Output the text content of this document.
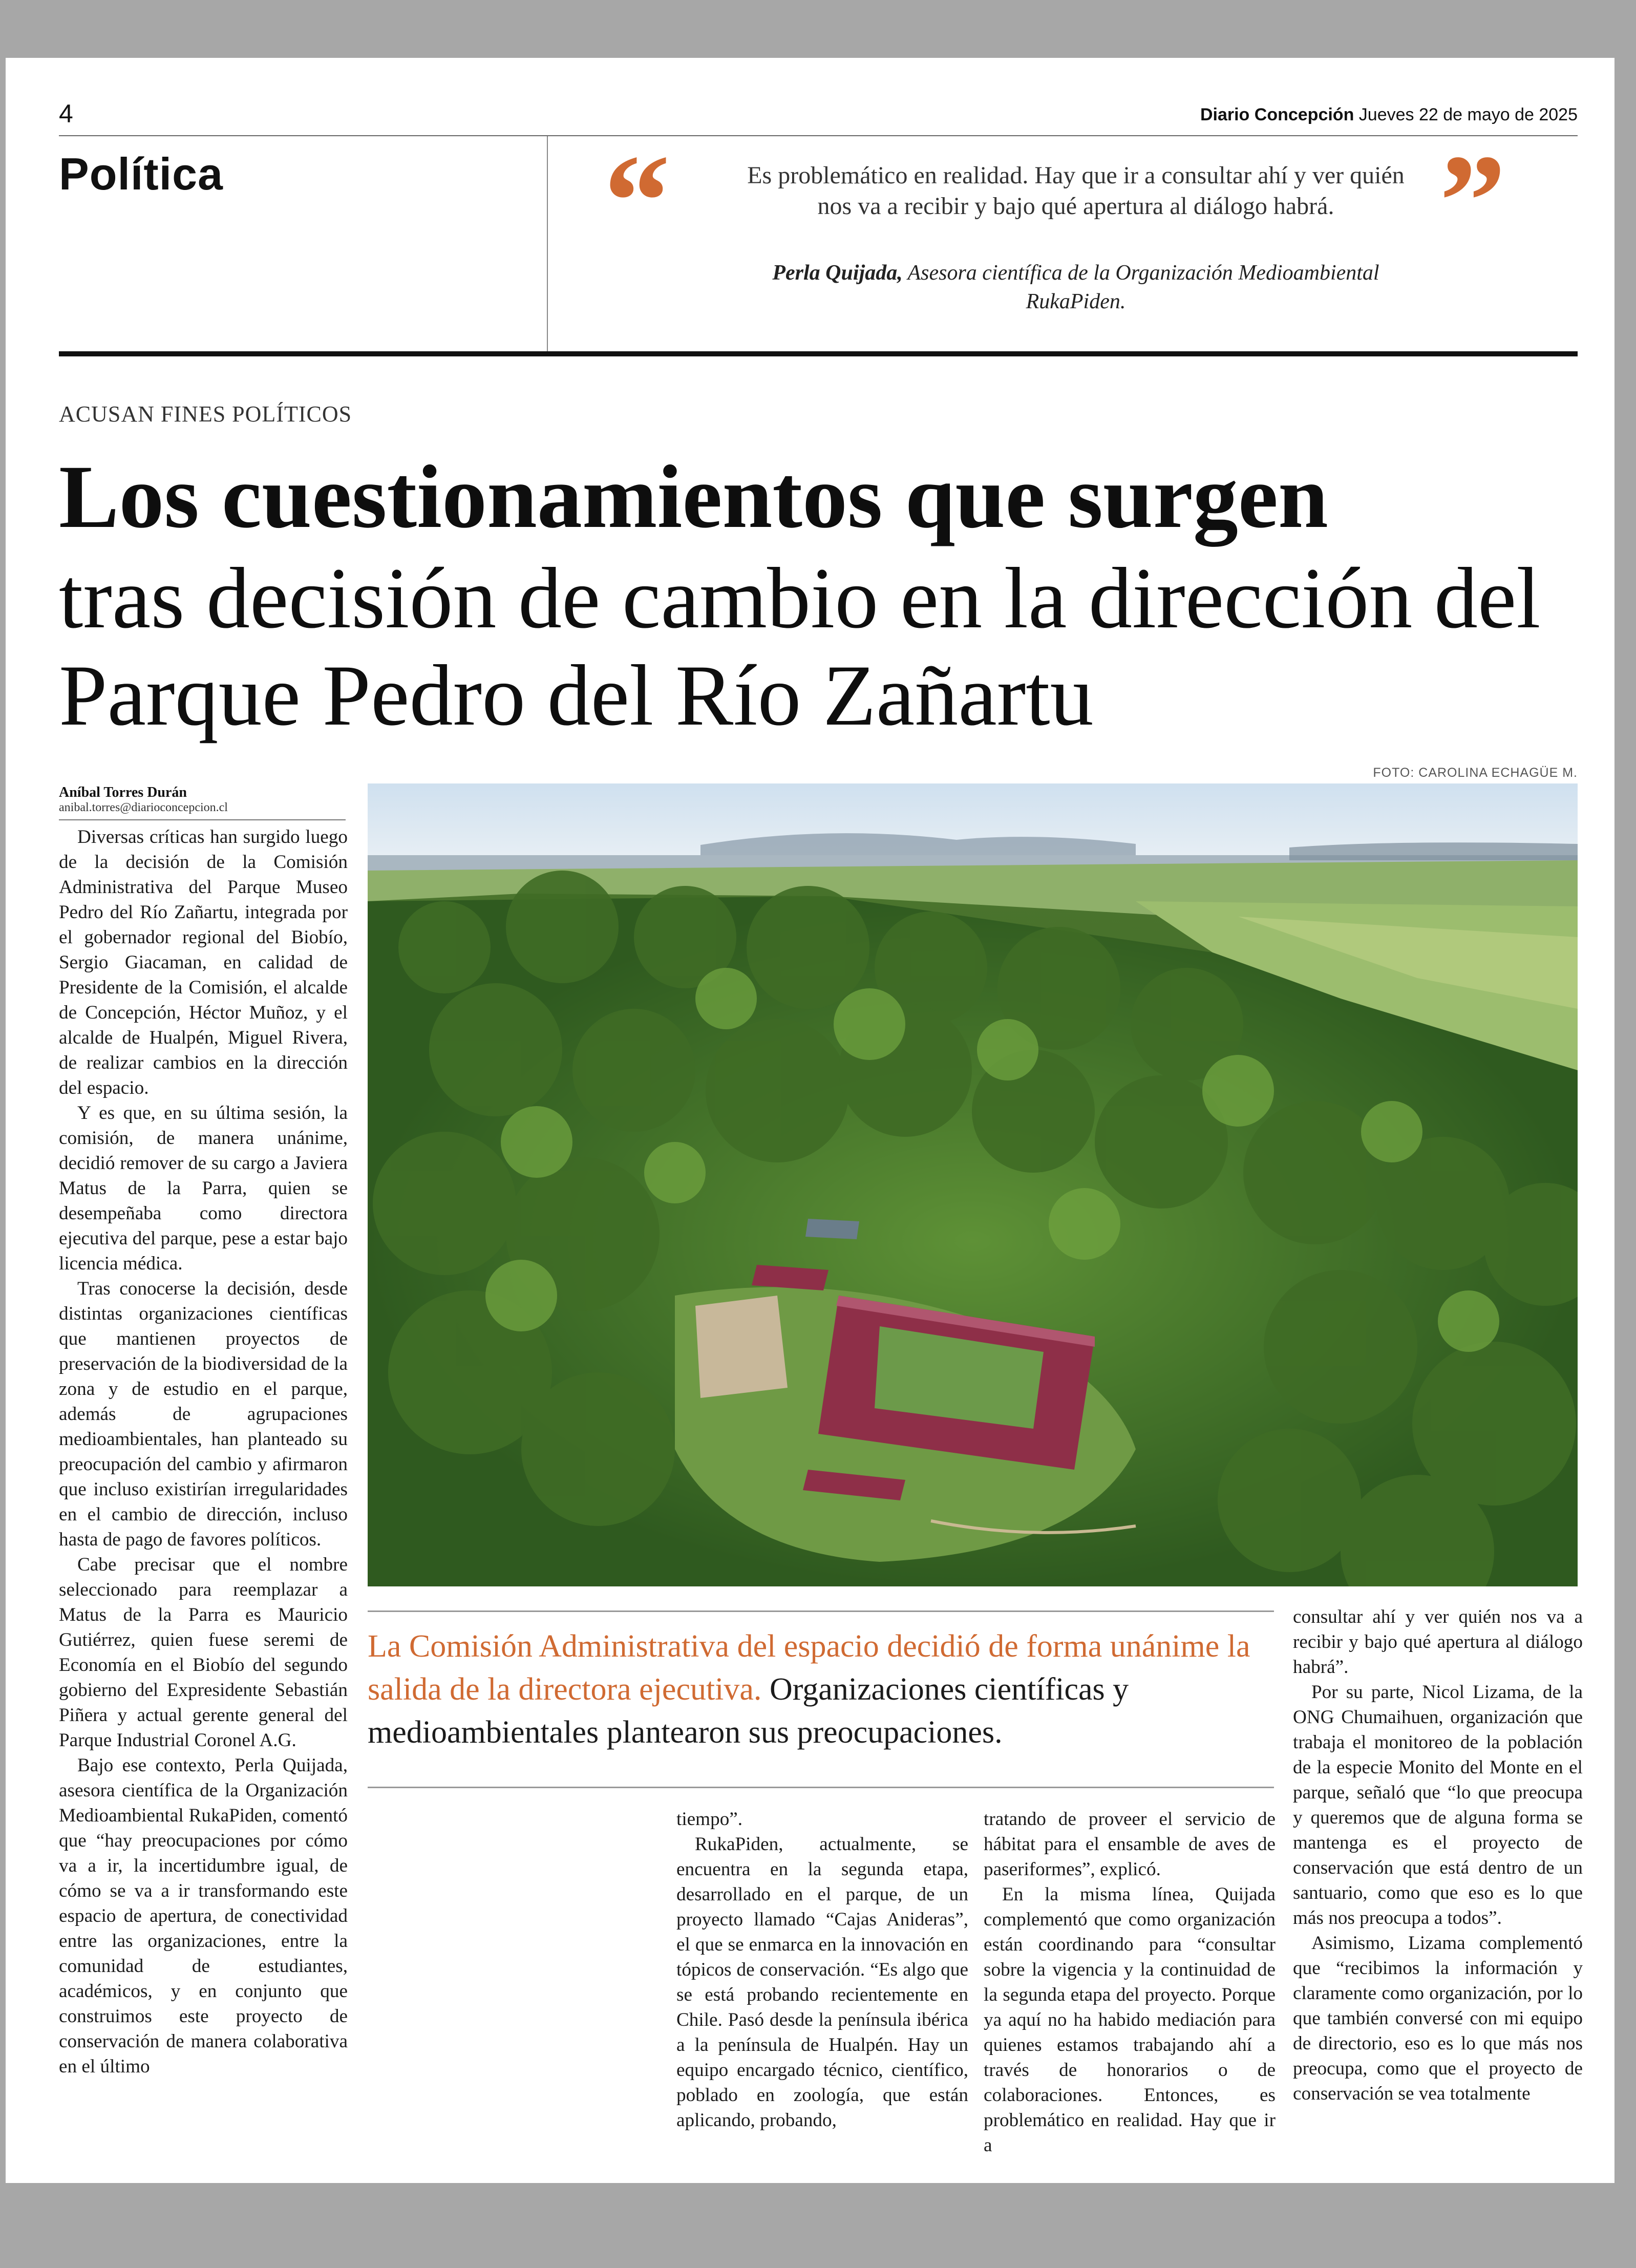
4	Diario Concepción Jueves 22 de mayo de 2025
Política	“	”
Es problemático en realidad. Hay que ir a consultar ahí y ver quién nos va a recibir y bajo qué apertura al diálogo habrá.
Perla Quijada, Asesora científica de la Organización Medioambiental RukaPiden.
ACUSAN FINES POLÍTICOS
Los cuestionamientos que surgen
tras decisión de cambio en la dirección del Parque Pedro del Río Zañartu
FOTO: CAROLINA ECHAGÜE M.
Aníbal Torres Durán
anibal.torres@diarioconcepcion.cl

Diversas críticas han surgido luego de la decisión de la Comisión Administrativa del Parque Museo Pedro del Río Zañartu, integrada por el gobernador regional del Biobío, Sergio Giacaman, en calidad de Presidente de la Comisión, el alcalde de Concepción, Héctor Muñoz, y el alcalde de Hualpén, Miguel Rivera, de realizar cambios en la dirección del espacio.

Y es que, en su última sesión, la comisión, de manera unánime, decidió remover de su cargo a Javiera Matus de la Parra, quien se desempeñaba como directora ejecutiva del parque, pese a estar bajo licencia médica.

Tras conocerse la decisión, desde distintas organizaciones científicas que mantienen proyectos de preservación de la biodiversidad de la zona y de estudio en el parque, además de agrupaciones medioambientales, han planteado su preocupación del cambio y afirmaron que incluso existirían irregularidades en el cambio de dirección, incluso hasta de pago de favores políticos.

Cabe precisar que el nombre seleccionado para reemplazar a Matus de la Parra es Mauricio Gutiérrez, quien fuese seremi de Economía en el Biobío del segundo gobierno del Expresidente Sebastián Piñera y actual gerente general del Parque Industrial Coronel A.G.

Bajo ese contexto, Perla Quijada, asesora científica de la Organización Medioambiental RukaPiden, comentó que “hay preocupaciones por cómo va a ir, la incertidumbre igual, de cómo se va a ir transformando este espacio de apertura, de conectividad entre las organizaciones, entre la comunidad de estudiantes, académicos, y en conjunto que construimos este proyecto de conservación de manera colaborativa en el último

La Comisión Administrativa del espacio decidió de forma unánime la salida de la directora ejecutiva. Organizaciones científicas y medioambientales plantearon sus preocupaciones.

tiempo”.

RukaPiden, actualmente, se encuentra en la segunda etapa, desarrollado en el parque, de un proyecto llamado “Cajas Anideras”, el que se enmarca en la innovación en tópicos de conservación. “Es algo que se está probando recientemente en Chile. Pasó desde la península ibérica a la península de Hualpén. Hay un equipo encargado técnico, científico, poblado en zoología, que están aplicando, probando,

tratando de proveer el servicio de hábitat para el ensamble de aves de paseriformes”, explicó.

En la misma línea, Quijada complementó que como organización están coordinando para “consultar sobre la vigencia y la continuidad de la segunda etapa del proyecto. Porque ya aquí no ha habido mediación para quienes estamos trabajando ahí a través de honorarios o de colaboraciones. Entonces, es problemático en realidad. Hay que ir a

consultar ahí y ver quién nos va a recibir y bajo qué apertura al diálogo habrá”.

Por su parte, Nicol Lizama, de la ONG Chumaihuen, organización que trabaja el monitoreo de la población de la especie Monito del Monte en el parque, señaló que “lo que preocupa y queremos que de alguna forma se mantenga es el proyecto de conservación que está dentro de un santuario, como que eso es lo que más nos preocupa a todos”.

Asimismo, Lizama complementó que “recibimos la información y claramente como organización, por lo que también conversé con mi equipo de directorio, eso es lo que más nos preocupa, como que el proyecto de conservación se vea totalmente
